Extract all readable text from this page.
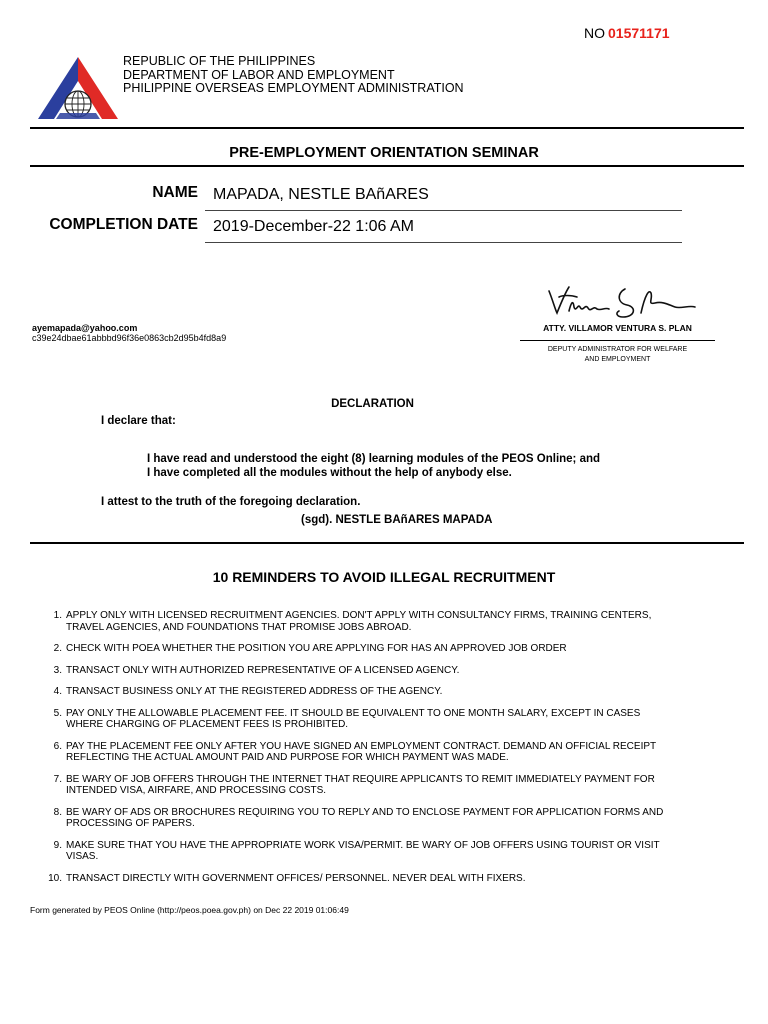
NO 01571171
REPUBLIC OF THE PHILIPPINES
DEPARTMENT OF LABOR AND EMPLOYMENT
PHILIPPINE OVERSEAS EMPLOYMENT ADMINISTRATION
PRE-EMPLOYMENT ORIENTATION SEMINAR
NAME MAPADA, NESTLE BAñARES
COMPLETION DATE 2019-December-22 1:06 AM
ATTY. VILLAMOR VENTURA S. PLAN
DEPUTY ADMINISTRATOR FOR WELFARE
AND EMPLOYMENT
ayemapada@yahoo.com
c39e24dbae61abbbd96f36e0863cb2d95b4fd8a9
DECLARATION
I declare that:
I have read and understood the eight (8) learning modules of the PEOS Online; and
I have completed all the modules without the help of anybody else.
I attest to the truth of the foregoing declaration.
(sgd). NESTLE BAñARES MAPADA
10 REMINDERS TO AVOID ILLEGAL RECRUITMENT
1. APPLY ONLY WITH LICENSED RECRUITMENT AGENCIES. DON'T APPLY WITH CONSULTANCY FIRMS, TRAINING CENTERS,
TRAVEL AGENCIES, AND FOUNDATIONS THAT PROMISE JOBS ABROAD.
2. CHECK WITH POEA WHETHER THE POSITION YOU ARE APPLYING FOR HAS AN APPROVED JOB ORDER
3. TRANSACT ONLY WITH AUTHORIZED REPRESENTATIVE OF A LICENSED AGENCY.
4. TRANSACT BUSINESS ONLY AT THE REGISTERED ADDRESS OF THE AGENCY.
5. PAY ONLY THE ALLOWABLE PLACEMENT FEE. IT SHOULD BE EQUIVALENT TO ONE MONTH SALARY, EXCEPT IN CASES
WHERE CHARGING OF PLACEMENT FEES IS PROHIBITED.
6. PAY THE PLACEMENT FEE ONLY AFTER YOU HAVE SIGNED AN EMPLOYMENT CONTRACT. DEMAND AN OFFICIAL RECEIPT
REFLECTING THE ACTUAL AMOUNT PAID AND PURPOSE FOR WHICH PAYMENT WAS MADE.
7. BE WARY OF JOB OFFERS THROUGH THE INTERNET THAT REQUIRE APPLICANTS TO REMIT IMMEDIATELY PAYMENT FOR
INTENDED VISA, AIRFARE, AND PROCESSING COSTS.
8. BE WARY OF ADS OR BROCHURES REQUIRING YOU TO REPLY AND TO ENCLOSE PAYMENT FOR APPLICATION FORMS AND
PROCESSING OF PAPERS.
9. MAKE SURE THAT YOU HAVE THE APPROPRIATE WORK VISA/PERMIT. BE WARY OF JOB OFFERS USING TOURIST OR VISIT
VISAS.
10. TRANSACT DIRECTLY WITH GOVERNMENT OFFICES/ PERSONNEL. NEVER DEAL WITH FIXERS.
Form generated by PEOS Online (http://peos.poea.gov.ph) on Dec 22 2019 01:06:49
